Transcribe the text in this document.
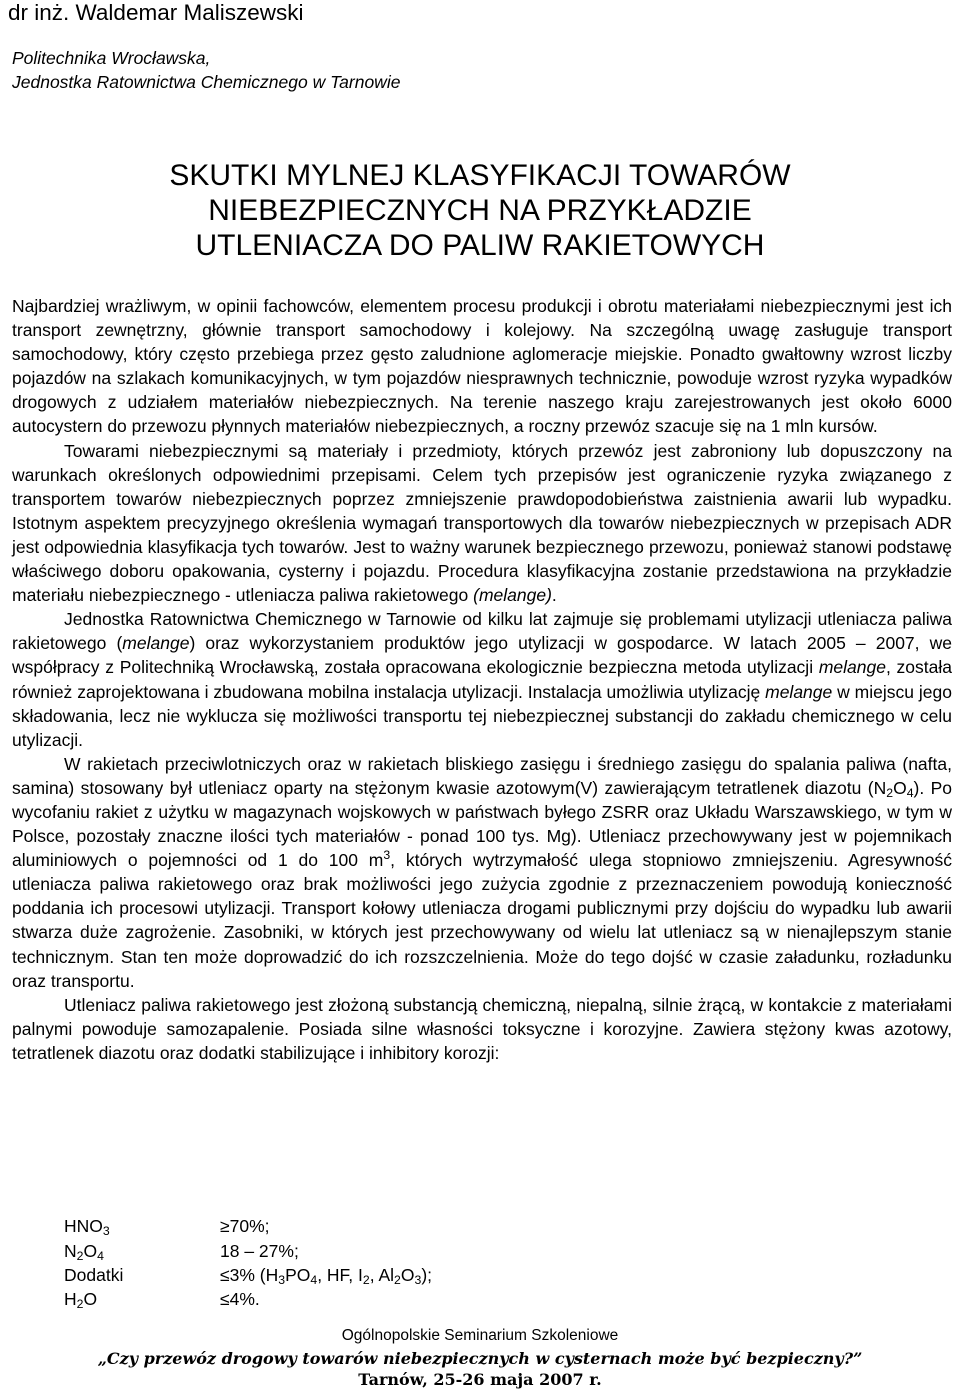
dr inż. Waldemar Maliszewski
Politechnika Wrocławska,
Jednostka Ratownictwa Chemicznego w Tarnowie
SKUTKI MYLNEJ KLASYFIKACJI TOWARÓW
NIEBEZPIECZNYCH NA PRZYKŁADZIE
UTLENIACZA DO PALIW RAKIETOWYCH

Najbardziej wrażliwym, w opinii fachowców, elementem procesu produkcji i obrotu materiałami niebezpiecznymi jest ich transport zewnętrzny, głównie transport samochodowy i kolejowy. Na szczególną uwagę zasługuje transport samochodowy, który często przebiega przez gęsto zaludnione aglomeracje miejskie. Ponadto gwałtowny wzrost liczby pojazdów na szlakach komunikacyjnych, w tym pojazdów niesprawnych technicznie, powoduje wzrost ryzyka wypadków drogowych z udziałem materiałów niebezpiecznych. Na terenie naszego kraju zarejestrowanych jest około 6000 autocystern do przewozu płynnych materiałów niebezpiecznych, a roczny przewóz szacuje się na 1 mln kursów.

Towarami niebezpiecznymi są materiały i przedmioty, których przewóz jest zabroniony lub dopuszczony na warunkach określonych odpowiednimi przepisami. Celem tych przepisów jest ograniczenie ryzyka związanego z transportem towarów niebezpiecznych poprzez zmniejszenie prawdopodobieństwa zaistnienia awarii lub wypadku. Istotnym aspektem precyzyjnego określenia wymagań transportowych dla towarów niebezpiecznych w przepisach ADR jest odpowiednia klasyfikacja tych towarów. Jest to ważny warunek bezpiecznego przewozu, ponieważ stanowi podstawę właściwego doboru opakowania, cysterny i pojazdu. Procedura klasyfikacyjna zostanie przedstawiona na przykładzie materiału niebezpiecznego - utleniacza paliwa rakietowego (melange).

Jednostka Ratownictwa Chemicznego w Tarnowie od kilku lat zajmuje się problemami utylizacji utleniacza paliwa rakietowego (melange) oraz wykorzystaniem produktów jego utylizacji w gospodarce. W latach 2005 – 2007, we współpracy z Politechniką Wrocławską, została opracowana ekologicznie bezpieczna metoda utylizacji melange, została również zaprojektowana i zbudowana mobilna instalacja utylizacji. Instalacja umożliwia utylizację melange w miejscu jego składowania, lecz nie wyklucza się możliwości transportu tej niebezpiecznej substancji do zakładu chemicznego w celu utylizacji.

W rakietach przeciwlotniczych oraz w rakietach bliskiego zasięgu i średniego zasięgu do spalania paliwa (nafta, samina) stosowany był utleniacz oparty na stężonym kwasie azotowym(V) zawierającym tetratlenek diazotu $(N_2O_4)$. Po wycofaniu rakiet z użytku w magazynach wojskowych w państwach byłego ZSRR oraz Układu Warszawskiego, w tym w Polsce, pozostały znaczne ilości tych materiałów - ponad 100 tys. Mg). Utleniacz przechowywany jest w pojemnikach aluminiowych o pojemności od 1 do 100 $m^3$, których wytrzymałość ulega stopniowo zmniejszeniu. Agresywność utleniacza paliwa rakietowego oraz brak możliwości jego zużycia zgodnie z przeznaczeniem powodują konieczność poddania ich procesowi utylizacji. Transport kołowy utleniacza drogami publicznymi przy dojściu do wypadku lub awarii stwarza duże zagrożenie. Zasobniki, w których jest przechowywany od wielu lat utleniacz są w nienajlepszym stanie technicznym. Stan ten może doprowadzić do ich rozszczelnienia. Może do tego dojść w czasie załadunku, rozładunku oraz transportu.

Utleniacz paliwa rakietowego jest złożoną substancją chemiczną, niepalną, silnie żrącą, w kontakcie z materiałami palnymi powoduje samozapalenie. Posiada silne własności toksyczne i korozyjne. Zawiera stężony kwas azotowy, tetratlenek diazotu oraz dodatki stabilizujące i inhibitory korozji:

$HNO_3$	≥70%;
$N_2O_4$	18 – 27%;
Dodatki	≤3% ($H_3PO_4$, HF, $I_2$, $Al_2O_3$);
$H_2O$	≤4%.
Ogólnopolskie Seminarium Szkoleniowe
„Czy przewóz drogowy towarów niebezpiecznych w cysternach może być bezpieczny?”
Tarnów, 25-26 maja 2007 r.
